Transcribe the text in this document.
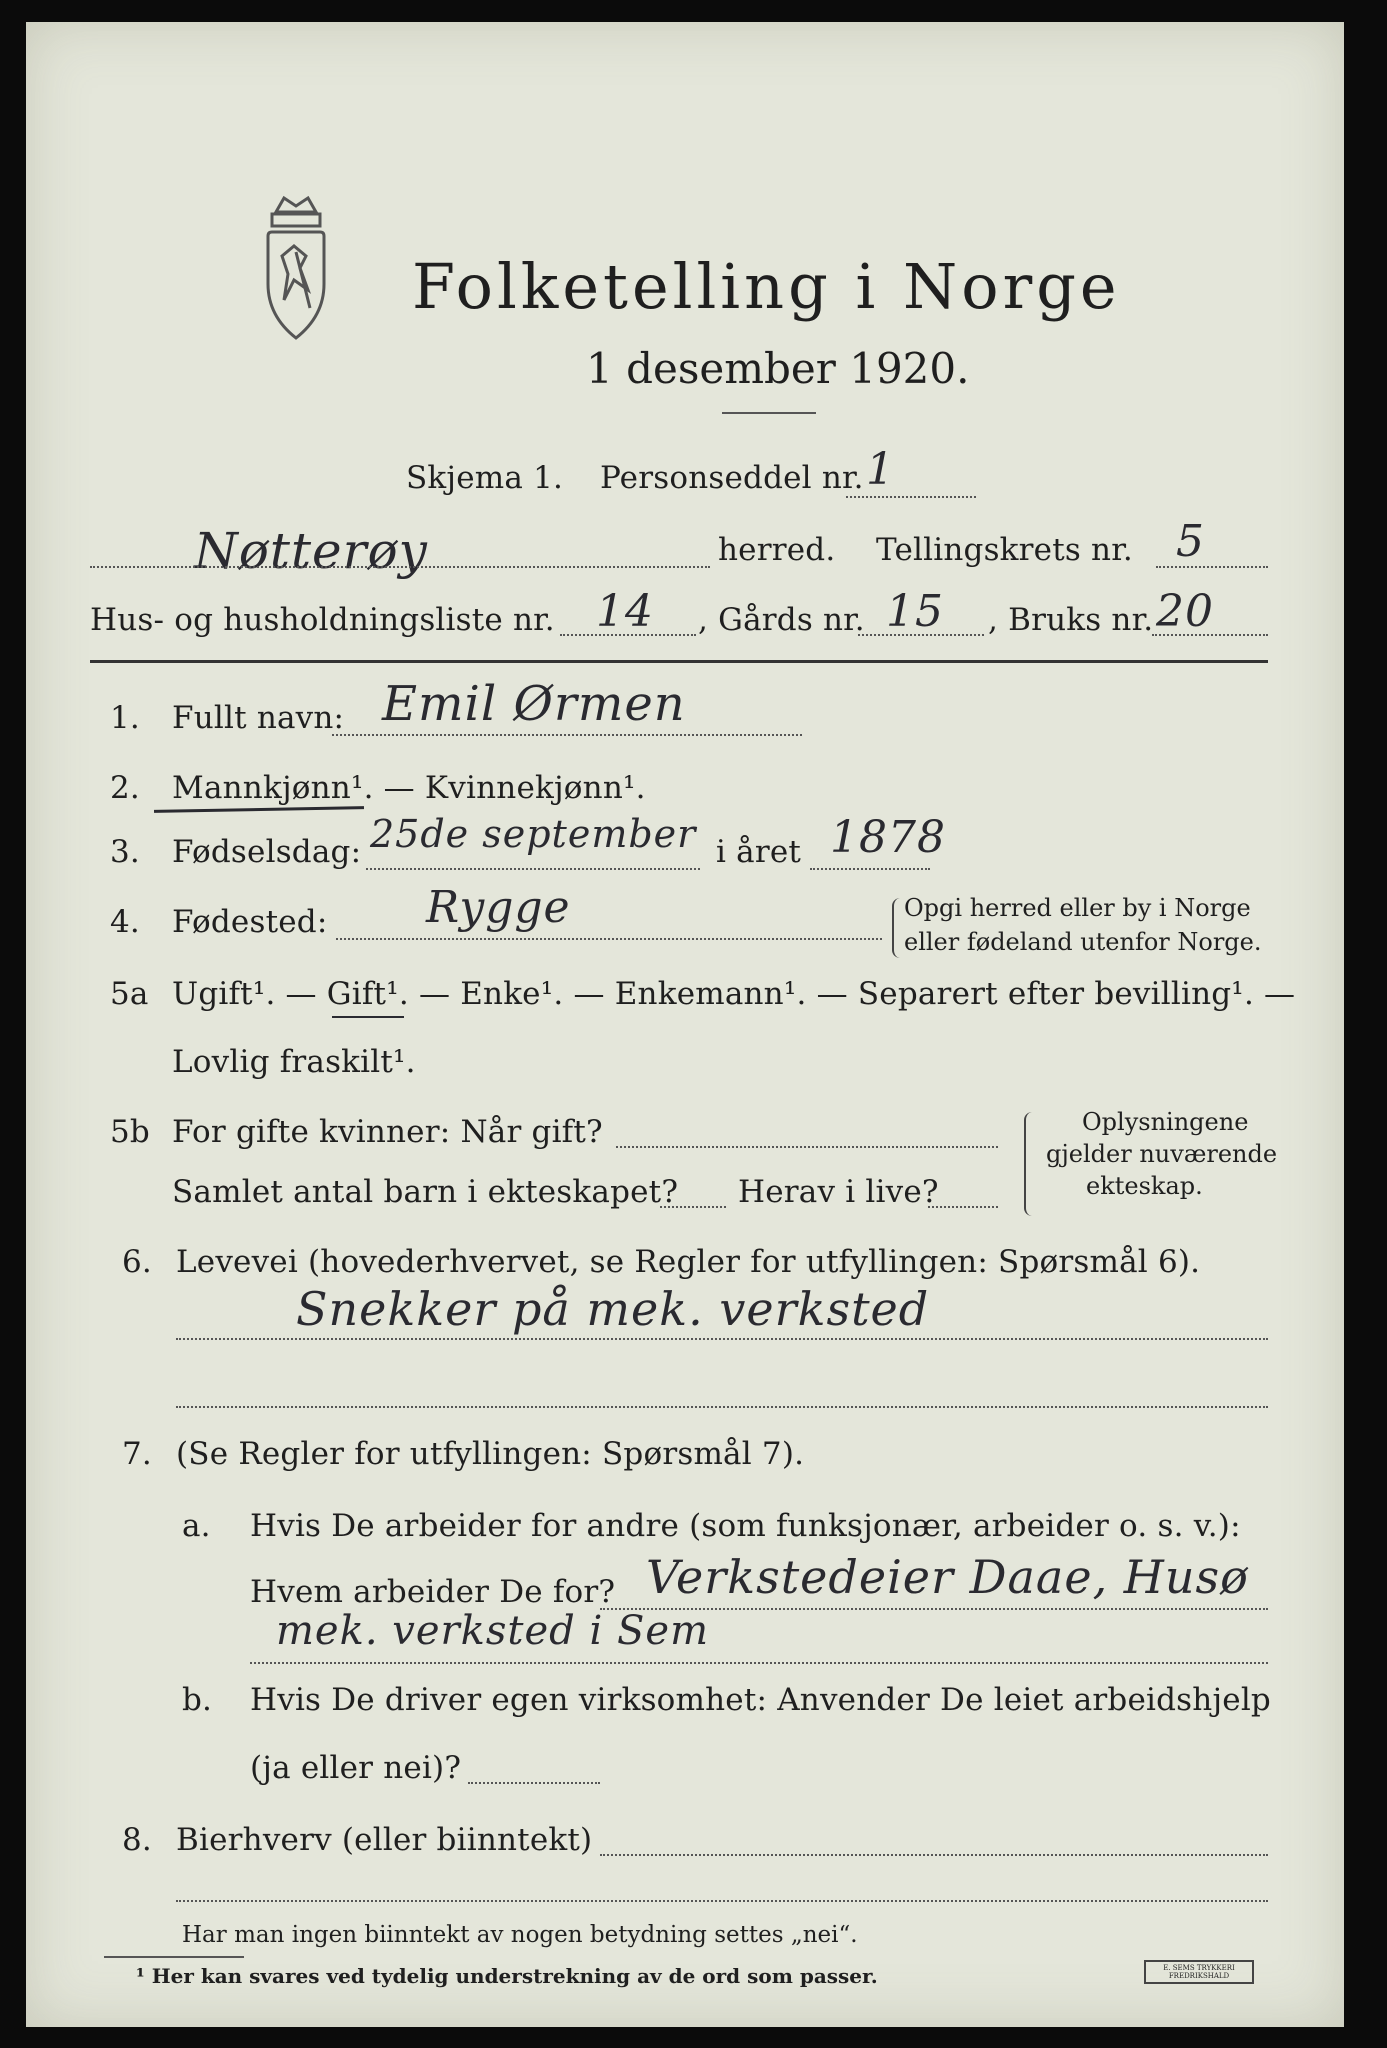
Folketelling i Norge
1 desember 1920.
Skjema 1. Personseddel nr. 1
Nøtterøy	herred. Tellingskrets nr. 5
Hus- og husholdningsliste nr. 14 , Gårds nr. 15 , Bruks nr. 20
1. Fullt navn: Emil Ørmen
2. Mannkjønn¹. — Kvinnekjønn¹.
3. Fødselsdag: 25de september i året 1878
4. Fødested: Rygge	Opgi herred eller by i Norge
eller fødeland utenfor Norge.
5a Ugift¹. — Gift¹. — Enke¹. — Enkemann¹. — Separert efter bevilling¹. —
Lovlig fraskilt¹.
5b For gifte kvinner: Når gift?
Samlet antal barn i ekteskapet? Herav i live?
Oplysningene
gjelder nuværende
ekteskap.
6. Levevei (hovederhvervet, se Regler for utfyllingen: Spørsmål 6).
Snekker på mek. verksted
7. (Se Regler for utfyllingen: Spørsmål 7).
a. Hvis De arbeider for andre (som funksjonær, arbeider o. s. v.):
Hvem arbeider De for? Verkstedeier Daae, Husø
mek. verksted i Sem
b. Hvis De driver egen virksomhet: Anvender De leiet arbeidshjelp
(ja eller nei)?
8. Bierhverv (eller biinntekt)
Har man ingen biinntekt av nogen betydning settes „nei“.
¹ Her kan svares ved tydelig understrekning av de ord som passer.	E. SEMS TRYKKERI FREDRIKSHALD
